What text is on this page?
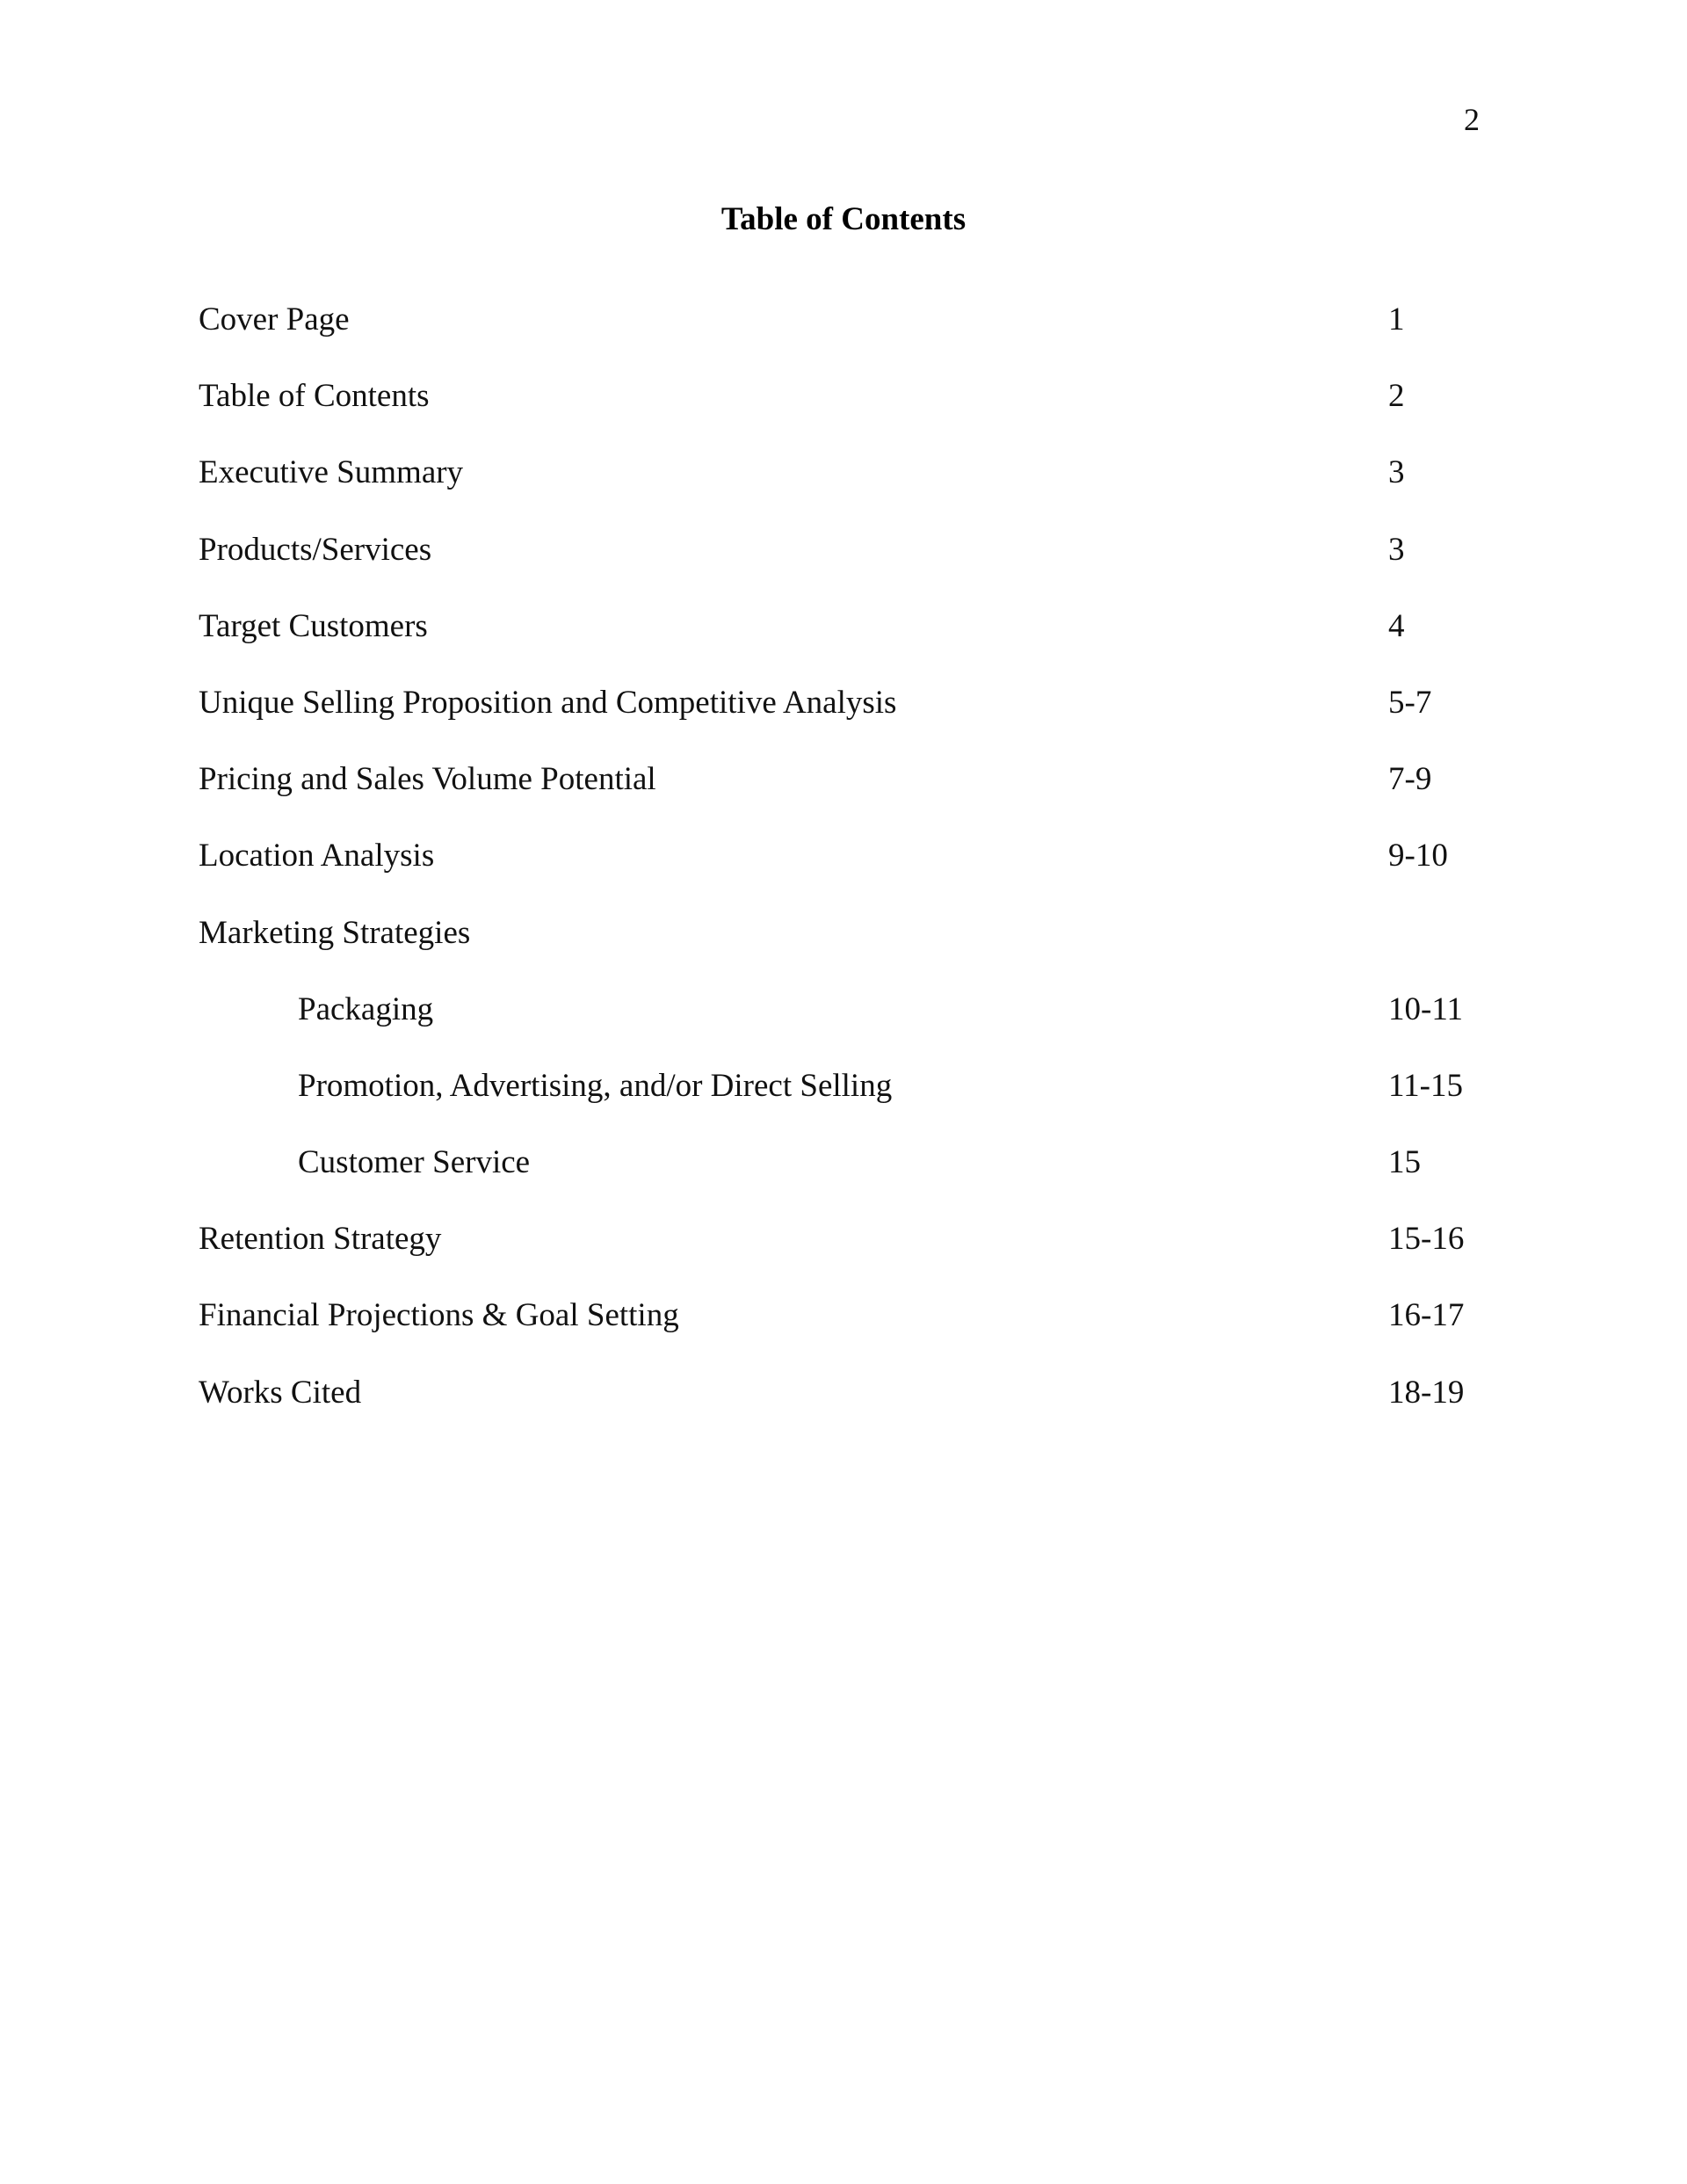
2
Table of Contents
Cover Page	1
Table of Contents	2
Executive Summary	3
Products/Services	3
Target Customers	4
Unique Selling Proposition and Competitive Analysis	5-7
Pricing and Sales Volume Potential	7-9
Location Analysis	9-10
Marketing Strategies
Packaging	10-11
Promotion, Advertising, and/or Direct Selling	11-15
Customer Service	15
Retention Strategy	15-16
Financial Projections & Goal Setting	16-17
Works Cited	18-19
